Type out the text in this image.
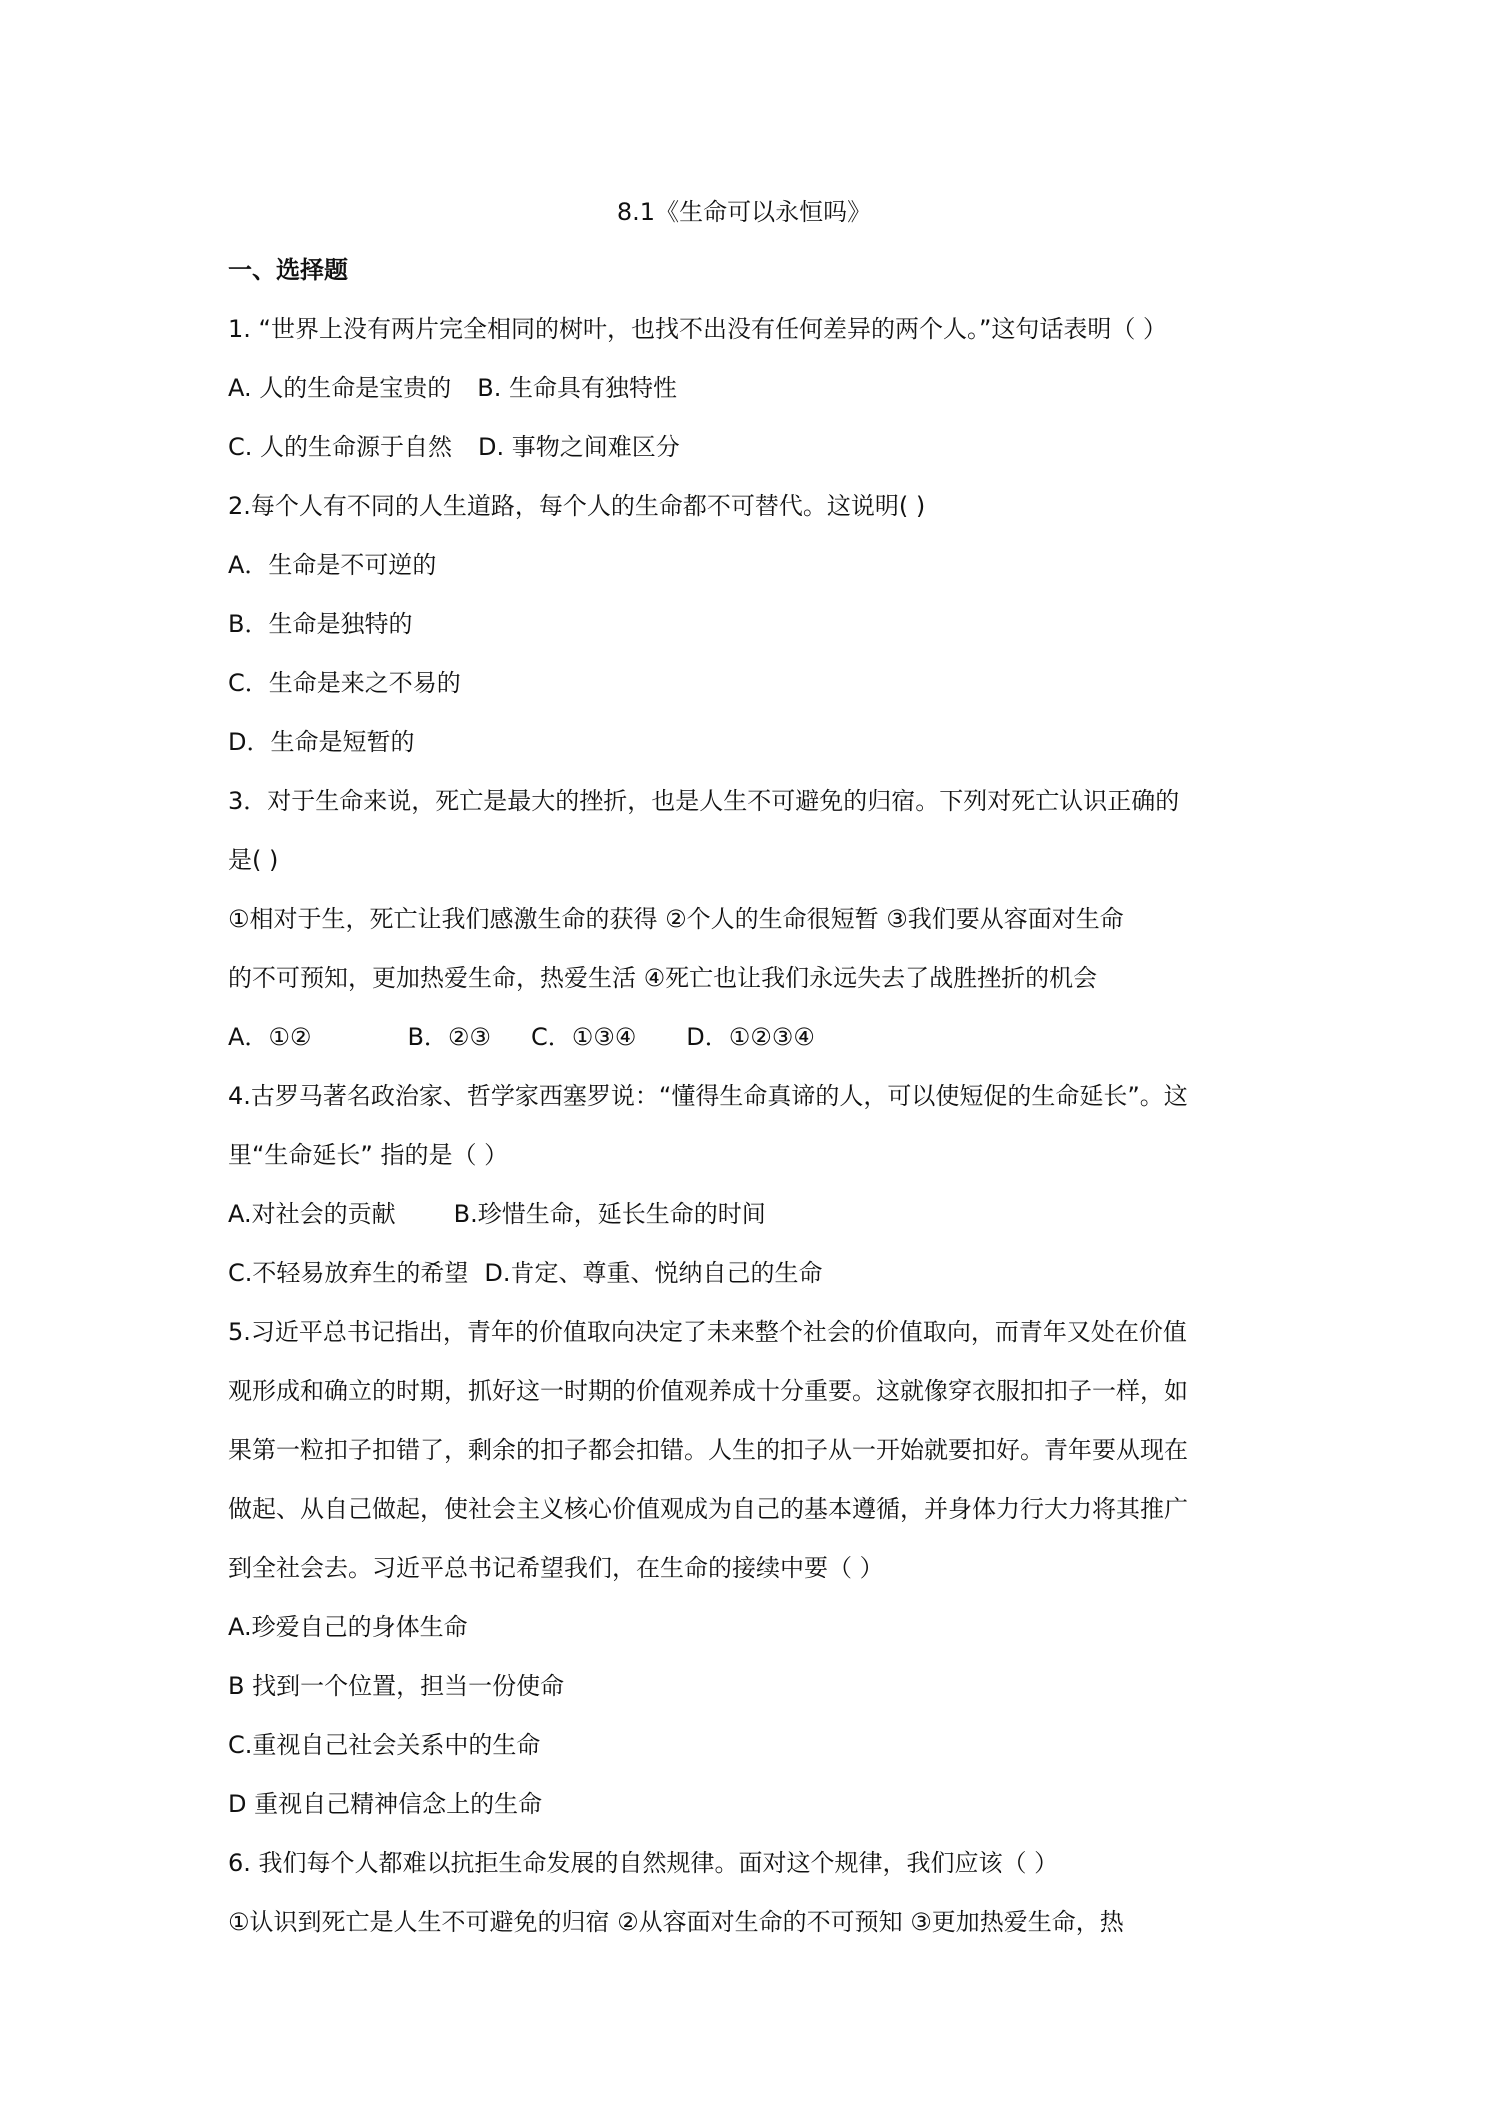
8.1《生命可以永恒吗》
一、选择题
1. “世界上没有两片完全相同的树叶，也找不出没有任何差异的两个人。”这句话表明（ ）
A. 人的生命是宝贵的 B. 生命具有独特性
C. 人的生命源于自然 D. 事物之间难区分
2.每个人有不同的人生道路，每个人的生命都不可替代。这说明( )
A．生命是不可逆的
B．生命是独特的
C．生命是来之不易的
D．生命是短暂的
3．对于生命来说，死亡是最大的挫折，也是人生不可避免的归宿。下列对死亡认识正确的
是( )
①相对于生，死亡让我们感激生命的获得 ②个人的生命很短暂 ③我们要从容面对生命
的不可预知，更加热爱生命，热爱生活 ④死亡也让我们永远失去了战胜挫折的机会
A．①②	B．②③ C．①③④ D．①②③④
4.古罗马著名政治家、哲学家西塞罗说：“懂得生命真谛的人，可以使短促的生命延长”。这
里“生命延长” 指的是（ ）
A.对社会的贡献 B.珍惜生命，延长生命的时间
C.不轻易放弃生的希望 D.肯定、尊重、悦纳自己的生命
5.习近平总书记指出，青年的价值取向决定了未来整个社会的价值取向，而青年又处在价值
观形成和确立的时期，抓好这一时期的价值观养成十分重要。这就像穿衣服扣扣子一样，如
果第一粒扣子扣错了，剩余的扣子都会扣错。人生的扣子从一开始就要扣好。青年要从现在
做起、从自己做起，使社会主义核心价值观成为自己的基本遵循，并身体力行大力将其推广
到全社会去。习近平总书记希望我们，在生命的接续中要（ ）
A.珍爱自己的身体生命
B 找到一个位置，担当一份使命
C.重视自己社会关系中的生命
D 重视自己精神信念上的生命
6. 我们每个人都难以抗拒生命发展的自然规律。面对这个规律，我们应该（ ）
①认识到死亡是人生不可避免的归宿 ②从容面对生命的不可预知 ③更加热爱生命，热
